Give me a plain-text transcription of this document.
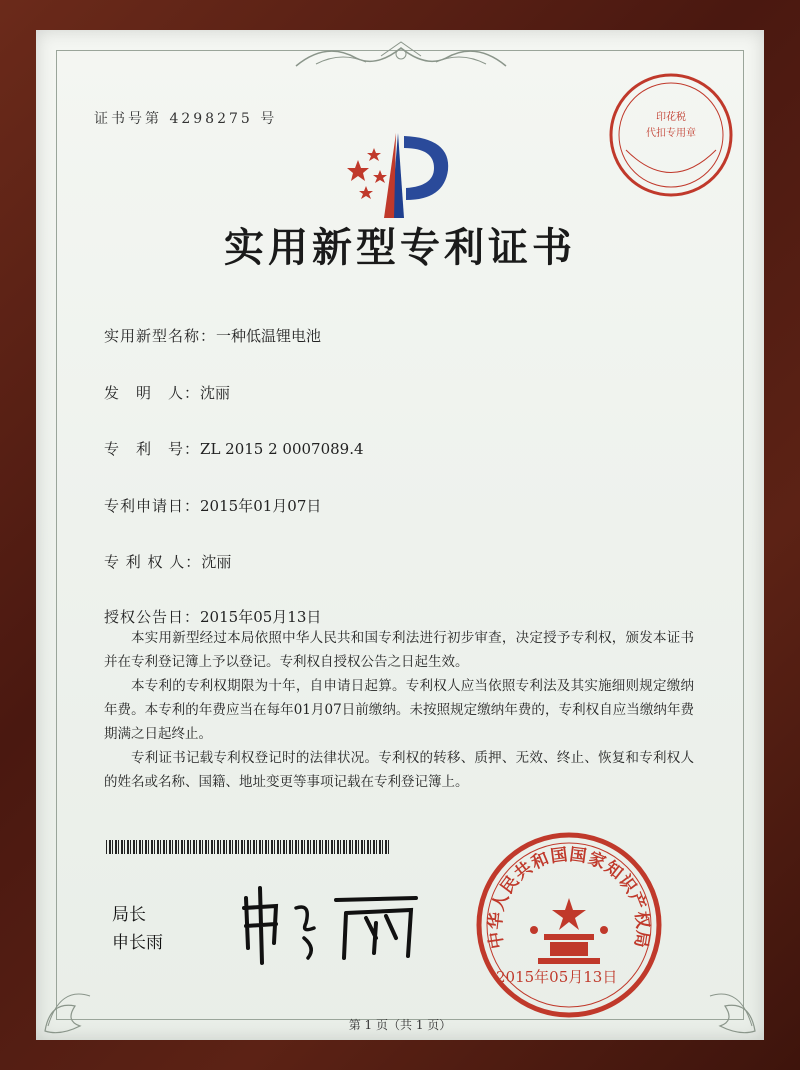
证书号第 4298275 号	印花税
代扣专用章
实用新型专利证书
实用新型名称：一种低温锂电池
发　明　人：沈丽
专　利　号：ZL 2015 2 0007089.4
专利申请日：2015年01月07日
专 利 权 人：沈丽
授权公告日：2015年05月13日

本实用新型经过本局依照中华人民共和国专利法进行初步审查，决定授予专利权，颁发本证书并在专利登记簿上予以登记。专利权自授权公告之日起生效。

本专利的专利权期限为十年，自申请日起算。专利权人应当依照专利法及其实施细则规定缴纳年费。本专利的年费应当在每年01月07日前缴纳。未按照规定缴纳年费的，专利权自应当缴纳年费期满之日起终止。

专利证书记载专利权登记时的法律状况。专利权的转移、质押、无效、终止、恢复和专利权人的姓名或名称、国籍、地址变更等事项记载在专利登记簿上。

局长
申长雨	中华人民共和国国家知识产权局
2015年05月13日
第 1 页（共 1 页）
